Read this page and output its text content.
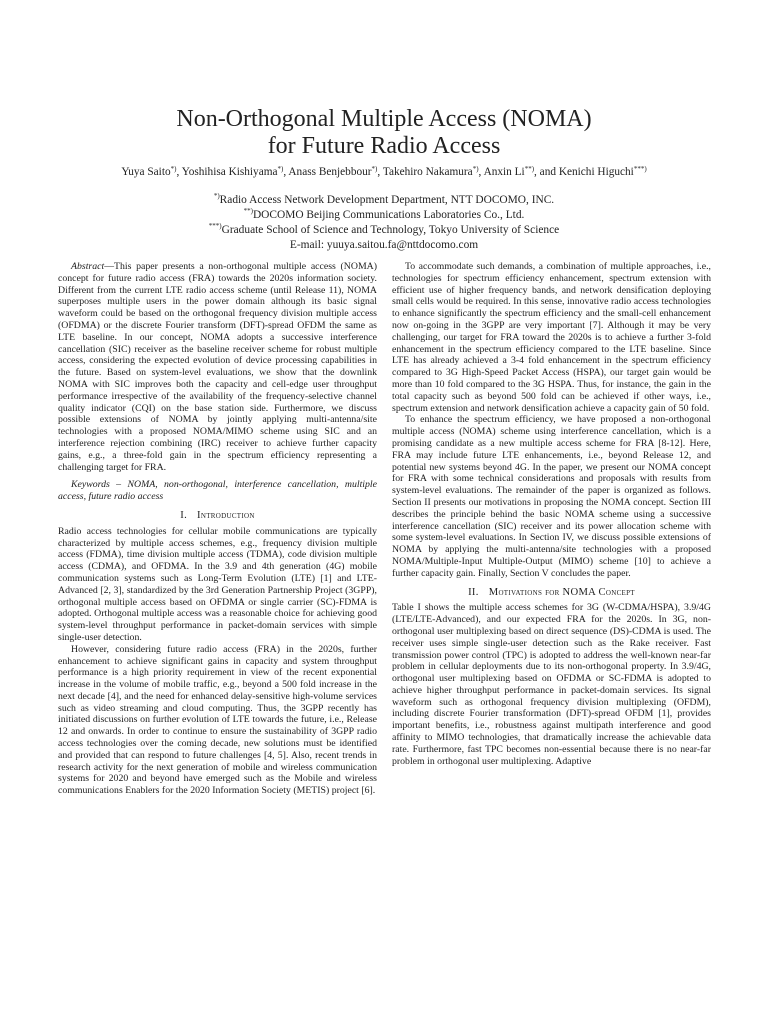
Non-Orthogonal Multiple Access (NOMA)
for Future Radio Access
Yuya Saito*), Yoshihisa Kishiyama*), Anass Benjebbour*), Takehiro Nakamura*), Anxin Li**), and Kenichi Higuchi***)
*)Radio Access Network Development Department, NTT DOCOMO, INC.
**)DOCOMO Beijing Communications Laboratories Co., Ltd.
***)Graduate School of Science and Technology, Tokyo University of Science
E-mail: yuuya.saitou.fa@nttdocomo.com

Abstract—This paper presents a non-orthogonal multiple access (NOMA) concept for future radio access (FRA) towards the 2020s information society. Different from the current LTE radio access scheme (until Release 11), NOMA superposes multiple users in the power domain although its basic signal waveform could be based on the orthogonal frequency division multiple access (OFDMA) or the discrete Fourier transform (DFT)-spread OFDM the same as LTE baseline. In our concept, NOMA adopts a successive interference cancellation (SIC) receiver as the baseline receiver scheme for robust multiple access, considering the expected evolution of device processing capabilities in the future. Based on system-level evaluations, we show that the downlink NOMA with SIC improves both the capacity and cell-edge user throughput performance irrespective of the availability of the frequency-selective channel quality indicator (CQI) on the base station side. Furthermore, we discuss possible extensions of NOMA by jointly applying multi-antenna/site technologies with a proposed NOMA/MIMO scheme using SIC and an interference rejection combining (IRC) receiver to achieve further capacity gains, e.g., a three-fold gain in the spectrum efficiency representing a challenging target for FRA.

Keywords – NOMA, non-orthogonal, interference cancellation, multiple access, future radio access

I. Introduction

Radio access technologies for cellular mobile communications are typically characterized by multiple access schemes, e.g., frequency division multiple access (FDMA), time division multiple access (TDMA), code division multiple access (CDMA), and OFDMA. In the 3.9 and 4th generation (4G) mobile communication systems such as Long-Term Evolution (LTE) [1] and LTE-Advanced [2, 3], standardized by the 3rd Generation Partnership Project (3GPP), orthogonal multiple access based on OFDMA or single carrier (SC)-FDMA is adopted. Orthogonal multiple access was a reasonable choice for achieving good system-level throughput performance in packet-domain services with simple single-user detection.

However, considering future radio access (FRA) in the 2020s, further enhancement to achieve significant gains in capacity and system throughput performance is a high priority requirement in view of the recent exponential increase in the volume of mobile traffic, e.g., beyond a 500 fold increase in the next decade [4], and the need for enhanced delay-sensitive high-volume services such as video streaming and cloud computing. Thus, the 3GPP recently has initiated discussions on further evolution of LTE towards the future, i.e., Release 12 and onwards. In order to continue to ensure the sustainability of 3GPP radio access technologies over the coming decade, new solutions must be identified and provided that can respond to future challenges [4, 5]. Also, recent trends in research activity for the next generation of mobile and wireless communication systems for 2020 and beyond have emerged such as the Mobile and wireless communications Enablers for the 2020 Information Society (METIS) project [6].

To accommodate such demands, a combination of multiple approaches, i.e., technologies for spectrum efficiency enhancement, spectrum extension with efficient use of higher frequency bands, and network densification deploying small cells would be required. In this sense, innovative radio access technologies to enhance significantly the spectrum efficiency and the small-cell enhancement now on-going in the 3GPP are very important [7]. Although it may be very challenging, our target for FRA toward the 2020s is to achieve a further 3-fold enhancement in the spectrum efficiency compared to the LTE baseline. Since LTE has already achieved a 3-4 fold enhancement in the spectrum efficiency compared to 3G High-Speed Packet Access (HSPA), our target gain would be more than 10 fold compared to the 3G HSPA. Thus, for instance, the gain in the total capacity such as beyond 500 fold can be achieved if other ways, i.e., spectrum extension and network densification achieve a capacity gain of 50 fold.

To enhance the spectrum efficiency, we have proposed a non-orthogonal multiple access (NOMA) scheme using interference cancellation, which is a promising candidate as a new multiple access scheme for FRA [8-12]. Here, FRA may include future LTE enhancements, i.e., beyond Release 12, and potential new systems beyond 4G. In the paper, we present our NOMA concept for FRA with some technical considerations and proposals with results from system-level evaluations. The remainder of the paper is organized as follows. Section II presents our motivations in proposing the NOMA concept. Section III describes the principle behind the basic NOMA scheme using a successive interference cancellation (SIC) receiver and its power allocation scheme with some system-level evaluations. In Section IV, we discuss possible extensions of NOMA by applying the multi-antenna/site technologies with a proposed NOMA/Multiple-Input Multiple-Output (MIMO) scheme [10] to achieve a further capacity gain. Finally, Section V concludes the paper.

II. Motivations for NOMA Concept

Table I shows the multiple access schemes for 3G (W-CDMA/HSPA), 3.9/4G (LTE/LTE-Advanced), and our expected FRA for the 2020s. In 3G, non-orthogonal user multiplexing based on direct sequence (DS)-CDMA is used. The receiver uses simple single-user detection such as the Rake receiver. Fast transmission power control (TPC) is adopted to address the well-known near-far problem in cellular deployments due to its non-orthogonal property. In 3.9/4G, orthogonal user multiplexing based on OFDMA or SC-FDMA is adopted to achieve higher throughput performance in packet-domain services. Its signal waveform such as orthogonal frequency division multiplexing (OFDM), including discrete Fourier transformation (DFT)-spread OFDM [1], provides important benefits, i.e., robustness against multipath interference and good affinity to MIMO technologies, that dramatically increase the achievable data rate. Furthermore, fast TPC becomes non-essential because there is no near-far problem in orthogonal user multiplexing. Adaptive
